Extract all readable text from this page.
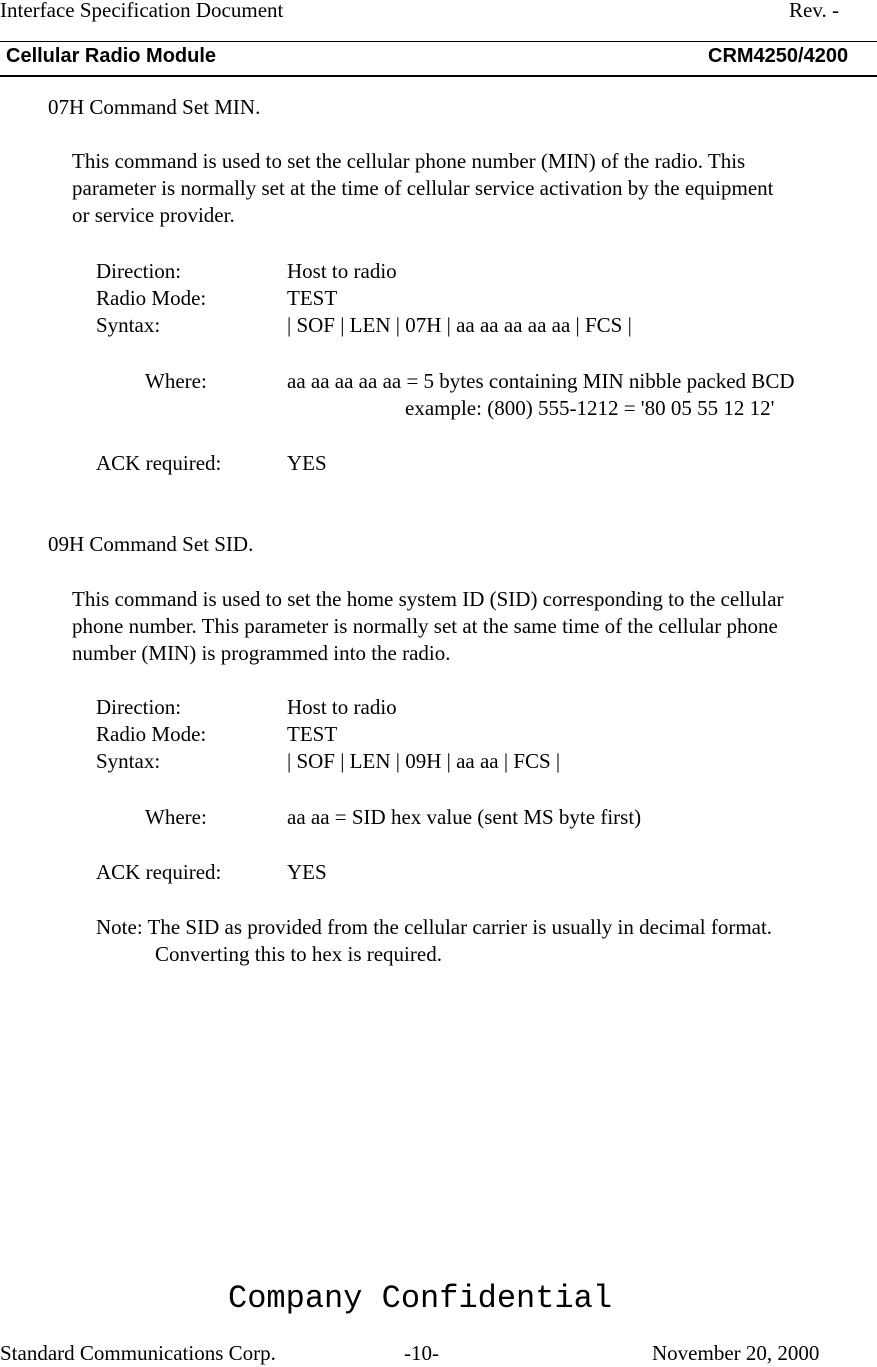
Interface Specification Document	Rev. -
Cellular Radio Module	CRM4250/4200
07H Command Set MIN.
This command is used to set the cellular phone number (MIN) of the radio. This
parameter is normally set at the time of cellular service activation by the equipment
or service provider.
Direction:	Host to radio
Radio Mode:	TEST
Syntax:	| SOF | LEN | 07H | aa aa aa aa aa | FCS |
Where:	aa aa aa aa aa = 5 bytes containing MIN nibble packed BCD
example: (800) 555-1212 = '80 05 55 12 12'
ACK required:	YES
09H Command Set SID.
This command is used to set the home system ID (SID) corresponding to the cellular
phone number. This parameter is normally set at the same time of the cellular phone
number (MIN) is programmed into the radio.
Direction:	Host to radio
Radio Mode:	TEST
Syntax:	| SOF | LEN | 09H | aa aa | FCS |
Where:	aa aa = SID hex value (sent MS byte first)
ACK required:	YES
Note: The SID as provided from the cellular carrier is usually in decimal format.
Converting this to hex is required.
Company Confidential
Standard Communications Corp.	-10-	November 20, 2000
